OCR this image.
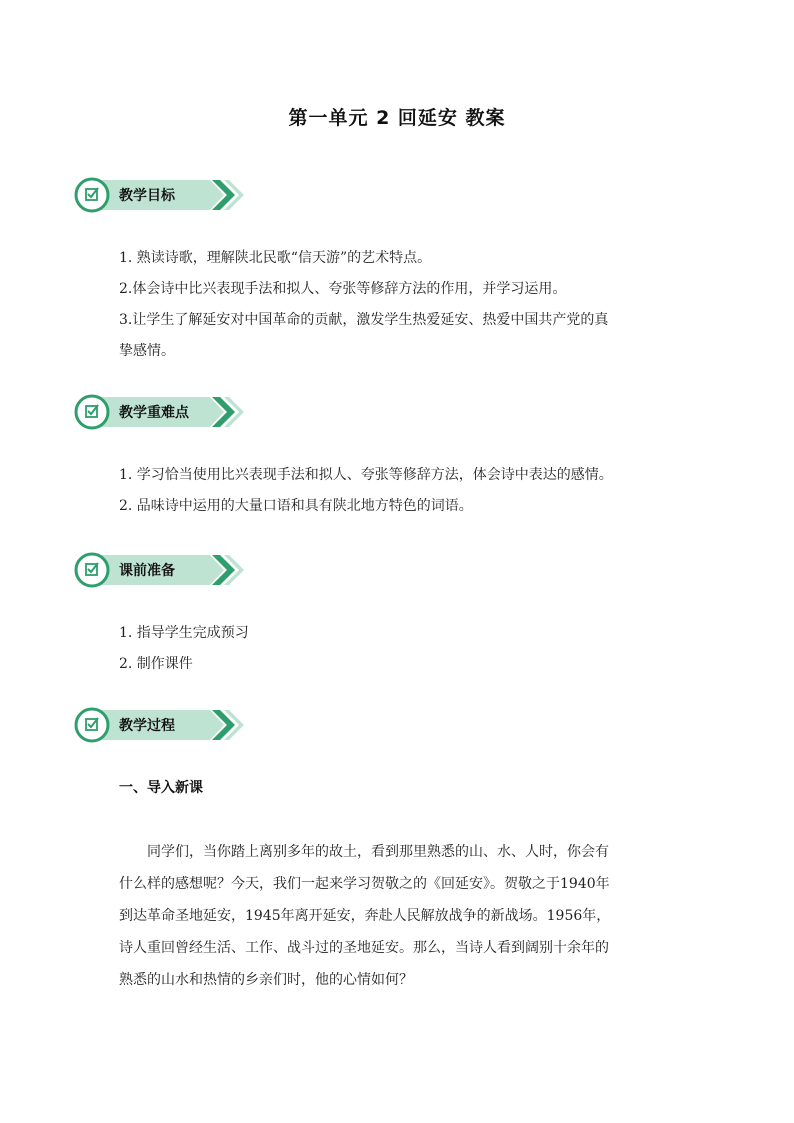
第一单元 2 回延安 教案
教学目标
1. 熟读诗歌，理解陕北民歌“信天游”的艺术特点。
2.体会诗中比兴表现手法和拟人、夸张等修辞方法的作用，并学习运用。
3.让学生了解延安对中国革命的贡献，激发学生热爱延安、热爱中国共产党的真
挚感情。
教学重难点
1. 学习恰当使用比兴表现手法和拟人、夸张等修辞方法，体会诗中表达的感情。
2. 品味诗中运用的大量口语和具有陕北地方特色的词语。
课前准备
1. 指导学生完成预习
2. 制作课件
教学过程
一、导入新课
同学们，当你踏上离别多年的故土，看到那里熟悉的山、水、人时，你会有
什么样的感想呢？今天，我们一起来学习贺敬之的《回延安》。贺敬之于1940年
到达革命圣地延安，1945年离开延安，奔赴人民解放战争的新战场。1956年，
诗人重回曾经生活、工作、战斗过的圣地延安。那么，当诗人看到阔别十余年的
熟悉的山水和热情的乡亲们时，他的心情如何？
